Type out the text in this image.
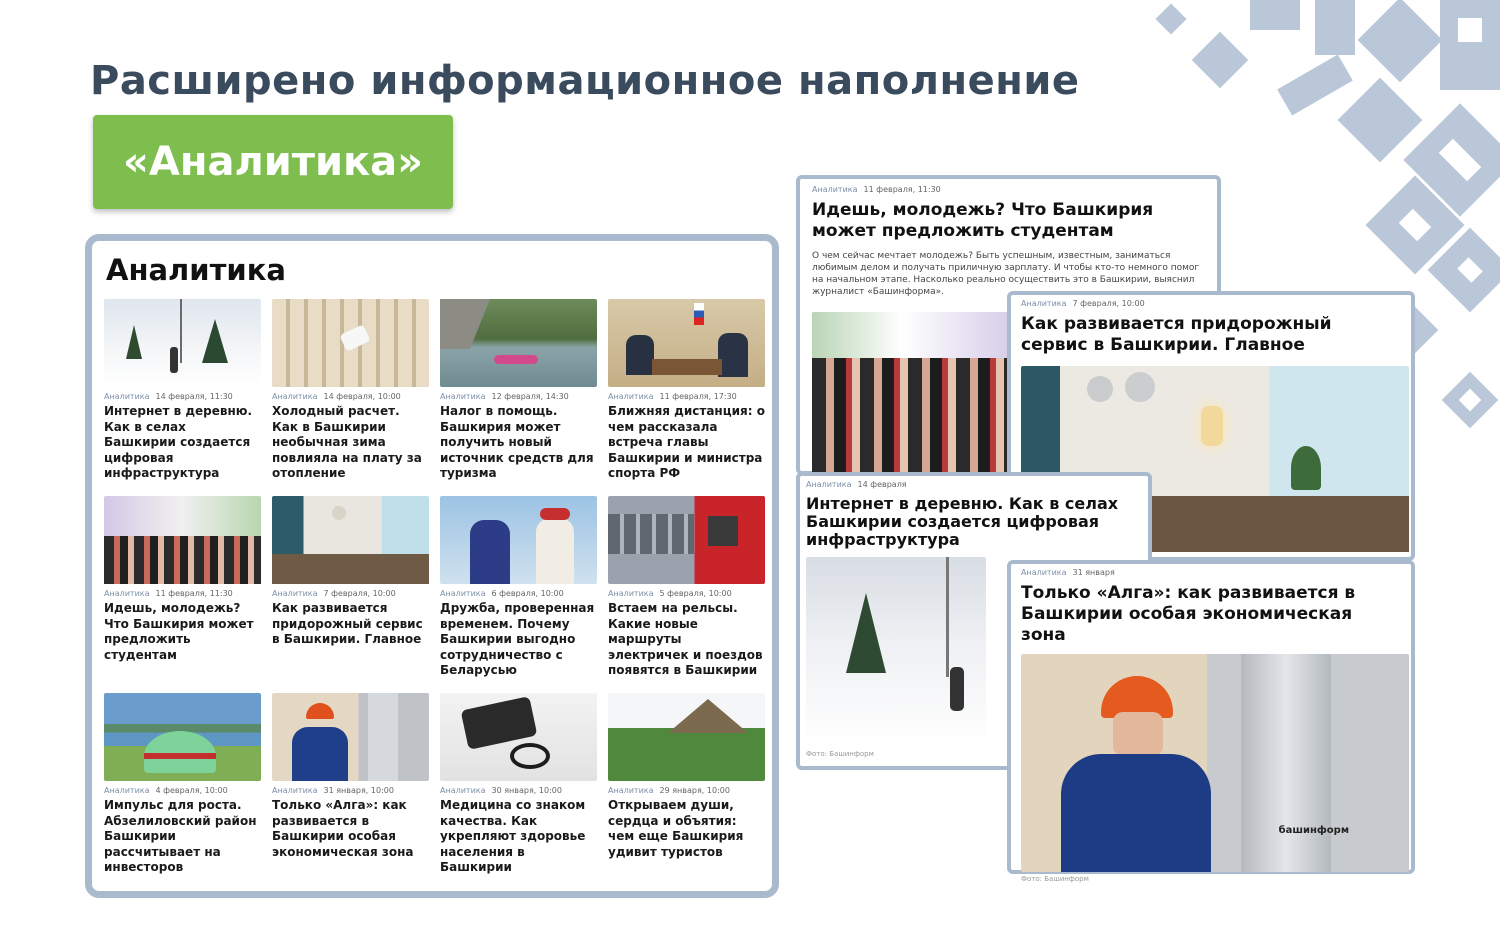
Расширено информационное наполнение
«Аналитика»
Аналитика
Аналитика 14 февраля, 11:30
Интернет в деревню. Как в селах Башкирии создается цифровая инфраструктура
Аналитика 14 февраля, 10:00
Холодный расчет. Как в Башкирии необычная зима повлияла на плату за отопление
Аналитика 12 февраля, 14:30
Налог в помощь. Башкирия может получить новый источник средств для туризма
Аналитика 11 февраля, 17:30
Ближняя дистанция: о чем рассказала встреча главы Башкирии и министра спорта РФ
Аналитика 11 февраля, 11:30
Идешь, молодежь? Что Башкирия может предложить студентам
Аналитика 7 февраля, 10:00
Как развивается придорожный сервис в Башкирии. Главное
Аналитика 6 февраля, 10:00
Дружба, проверенная временем. Почему Башкирии выгодно сотрудничество с Беларусью
Аналитика 5 февраля, 10:00
Встаем на рельсы. Какие новые маршруты электричек и поездов появятся в Башкирии
Аналитика 4 февраля, 10:00
Импульс для роста. Абзелиловский район Башкирии рассчитывает на инвесторов
Аналитика 31 января, 10:00
Только «Алга»: как развивается в Башкирии особая экономическая зона
Аналитика 30 января, 10:00
Медицина со знаком качества. Как укрепляют здоровье населения в Башкирии
Аналитика 29 января, 10:00
Открываем души, сердца и объятия: чем еще Башкирия удивит туристов
Аналитика 11 февраля, 11:30
Идешь, молодежь? Что Башкирия может предложить студентам
О чем сейчас мечтает молодежь? Быть успешным, известным, заниматься любимым делом и получать приличную зарплату. И чтобы кто-то немного помог на начальном этапе. Насколько реально осуществить это в Башкирии, выяснил журналист «Башинформа».
Аналитика 7 февраля, 10:00
Как развивается придорожный сервис в Башкирии. Главное
Аналитика 14 февраля
Интернет в деревню. Как в селах Башкирии создается цифровая инфраструктура
Фото: Башинформ
Аналитика 31 января
Только «Алга»: как развивается в Башкирии особая экономическая зона
башинформ
Фото: Башинформ
